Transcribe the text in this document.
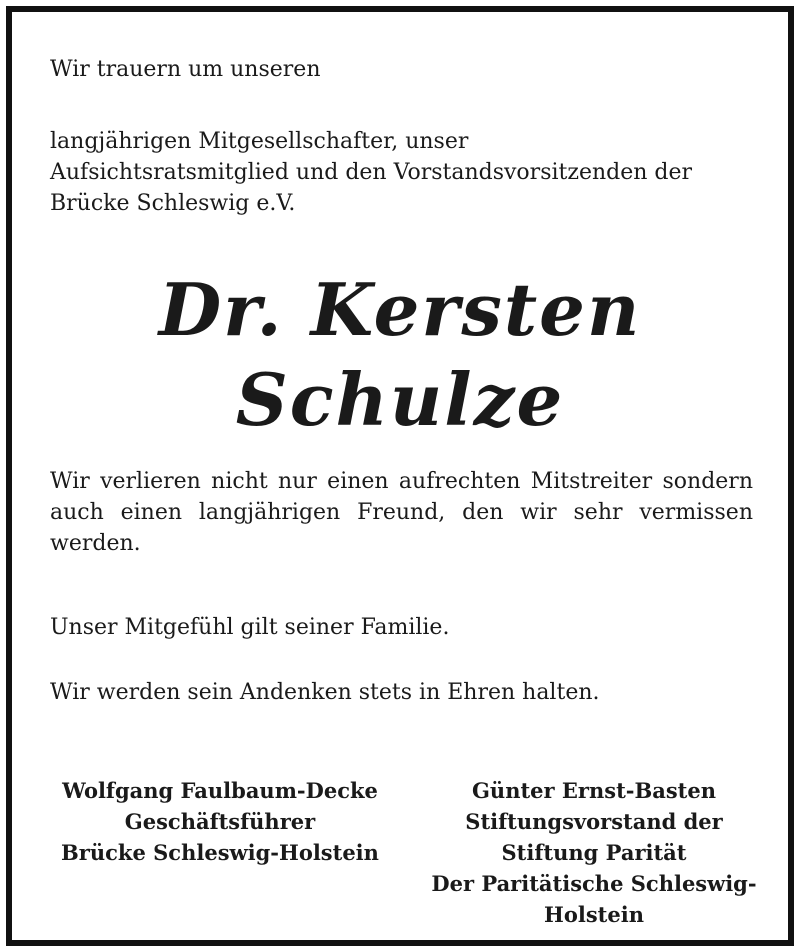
Wir trauern um unseren

langjährigen Mitgesellschafter, unser
Aufsichtsratsmitglied und den Vorstandsvorsitzenden der
Brücke Schleswig e.V.

Dr. Kersten
Schulze

Wir verlieren nicht nur einen aufrechten Mitstreiter sondern auch einen langjährigen Freund, den wir sehr vermissen werden.

Unser Mitgefühl gilt seiner Familie.

Wir werden sein Andenken stets in Ehren halten.

Wolfgang Faulbaum-Decke
Geschäftsführer
Brücke Schleswig-Holstein
Günter Ernst-Basten
Stiftungsvorstand der
Stiftung Parität
Der Paritätische Schleswig-
Holstein
